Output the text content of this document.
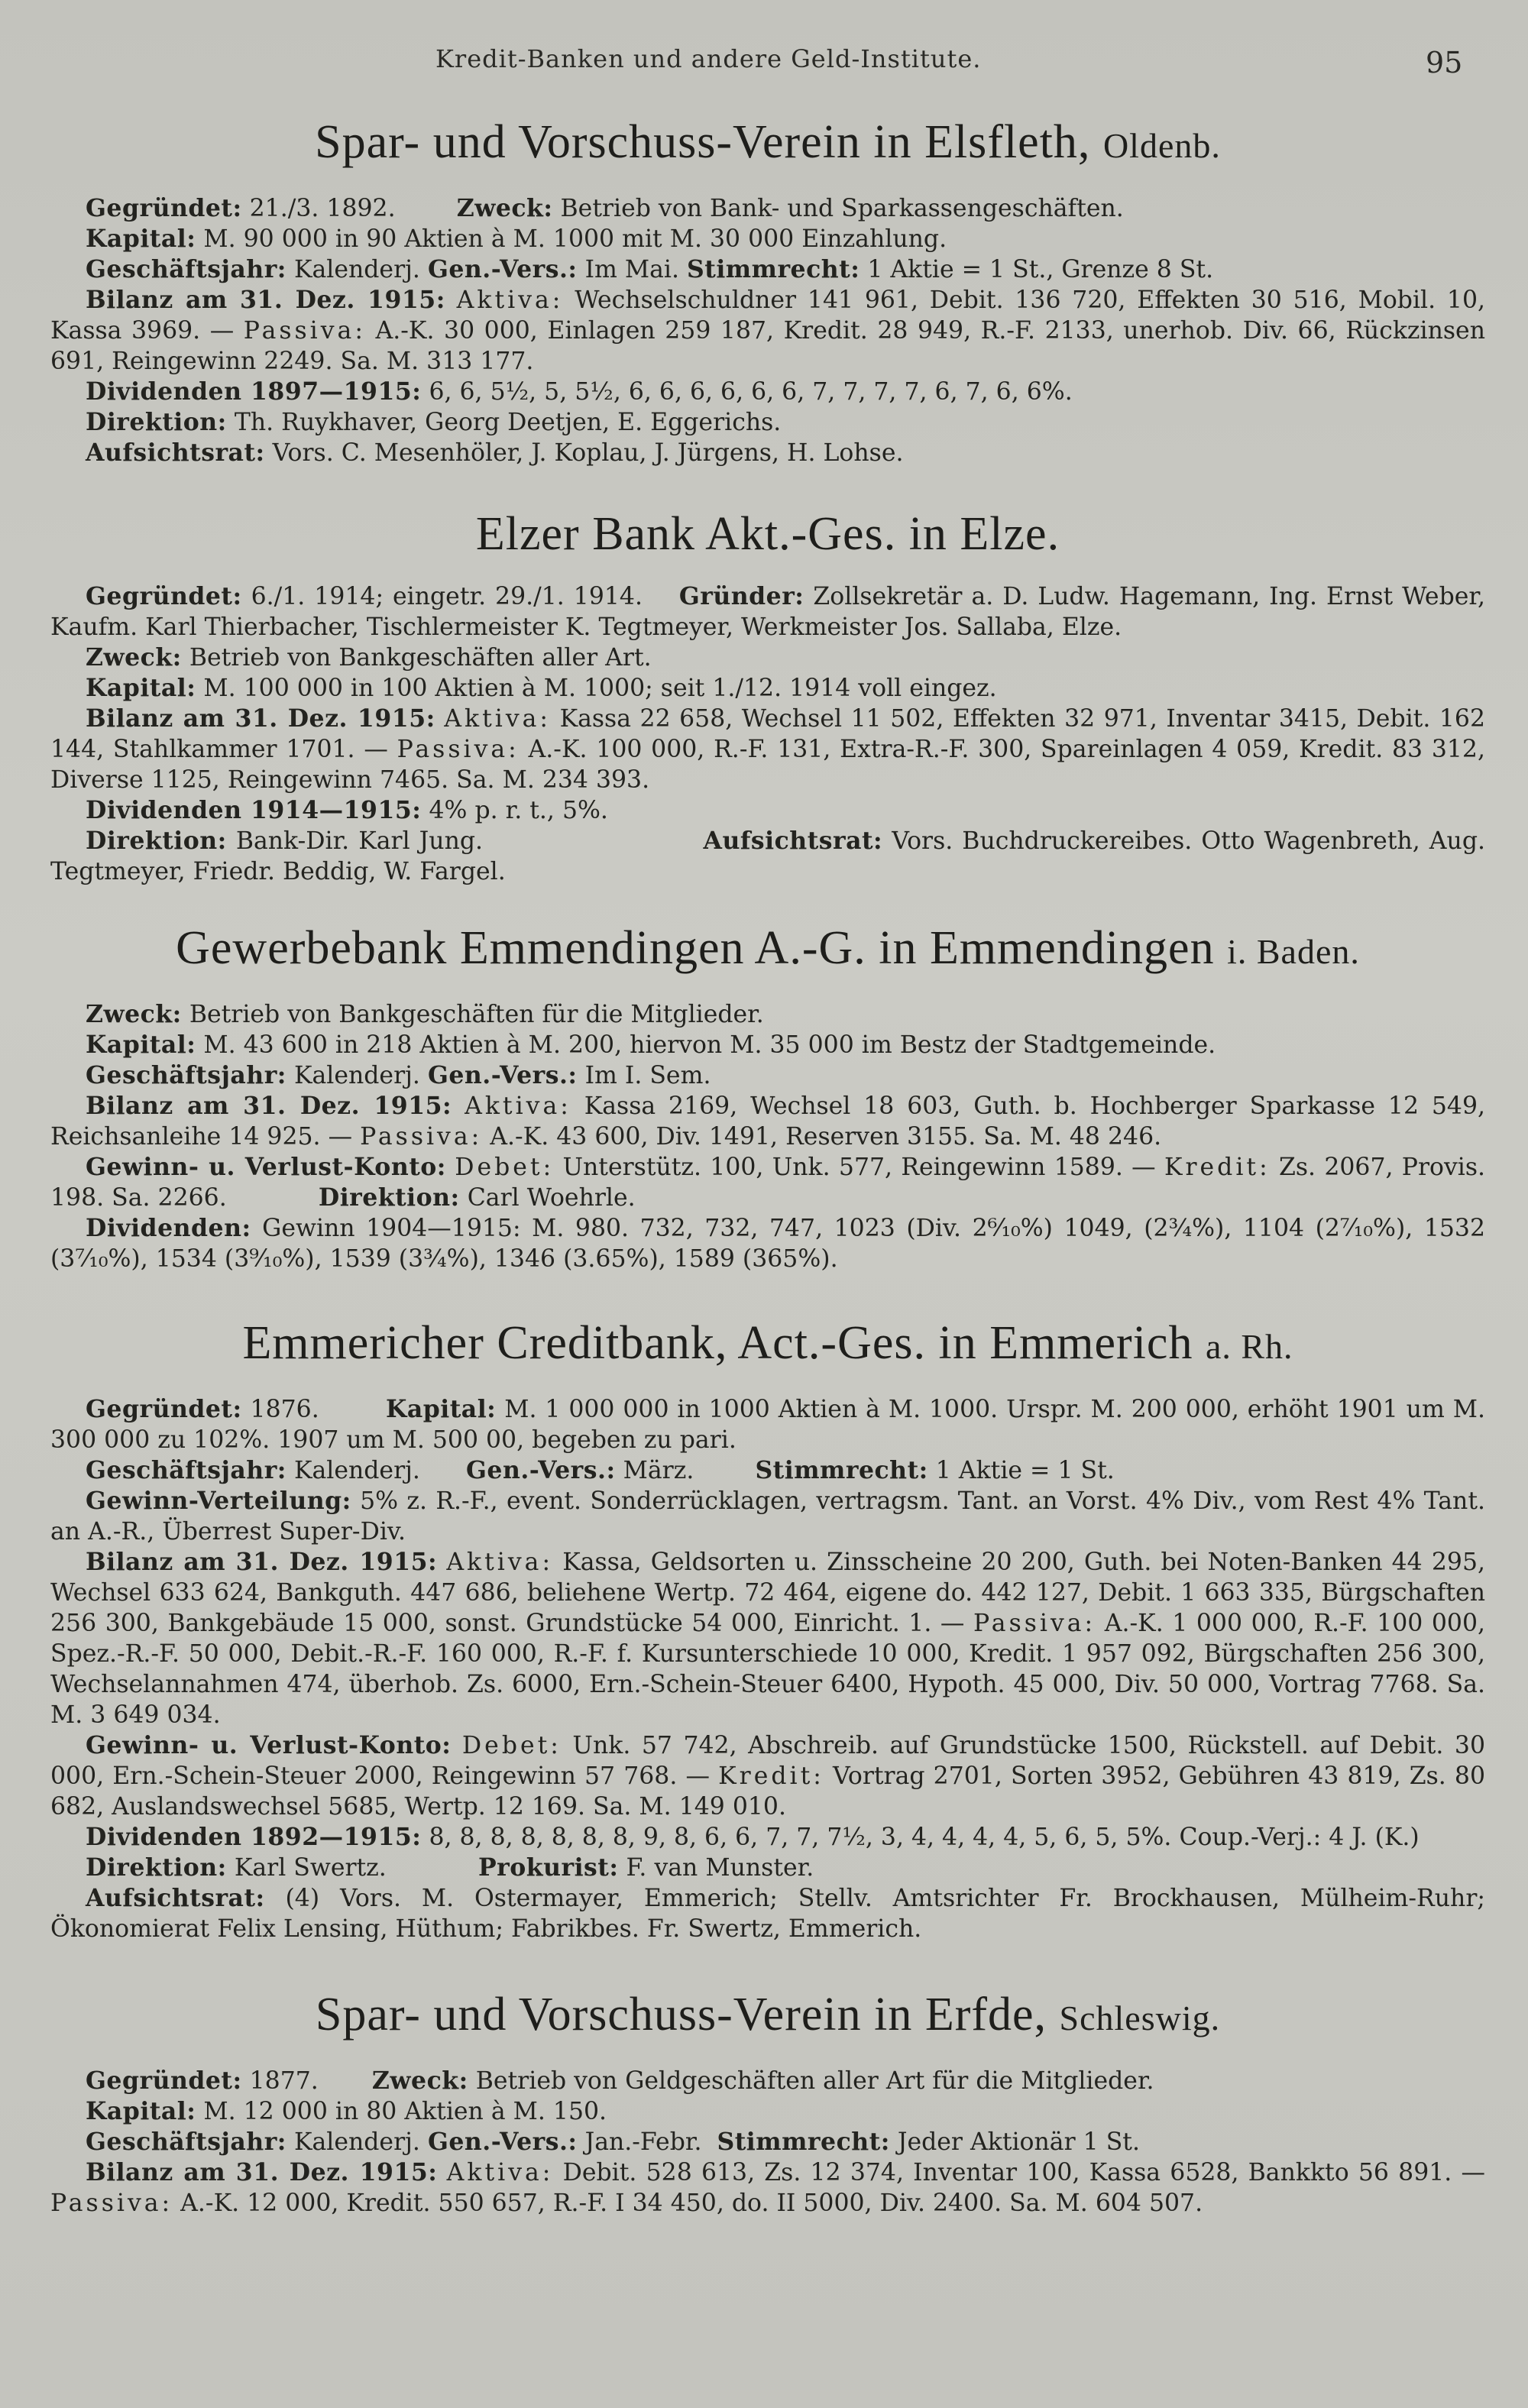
Kredit-Banken und andere Geld-Institute.	95
Spar- und Vorschuss-Verein in Elsfleth, Oldenb.

Gegründet: 21./3. 1892.	Zweck: Betrieb von Bank- und Sparkassengeschäften.

Kapital: M. 90 000 in 90 Aktien à M. 1000 mit M. 30 000 Einzahlung.

Geschäftsjahr: Kalenderj. Gen.-Vers.: Im Mai. Stimmrecht: 1 Aktie = 1 St., Grenze 8 St.

Bilanz am 31. Dez. 1915: Aktiva: Wechselschuldner 141 961, Debit. 136 720, Effekten 30 516, Mobil. 10, Kassa 3969. — Passiva: A.-K. 30 000, Einlagen 259 187, Kredit. 28 949, R.-F. 2133, unerhob. Div. 66, Rückzinsen 691, Reingewinn 2249. Sa. M. 313 177.

Dividenden 1897—1915: 6, 6, 5½, 5, 5½, 6, 6, 6, 6, 6, 6, 7, 7, 7, 7, 6, 7, 6, 6%.

Direktion: Th. Ruykhaver, Georg Deetjen, E. Eggerichs.

Aufsichtsrat: Vors. C. Mesenhöler, J. Koplau, J. Jürgens, H. Lohse.

Elzer Bank Akt.-Ges. in Elze.

Gegründet: 6./1. 1914; eingetr. 29./1. 1914. Gründer: Zollsekretär a. D. Ludw. Hagemann, Ing. Ernst Weber, Kaufm. Karl Thierbacher, Tischlermeister K. Tegtmeyer, Werkmeister Jos. Sallaba, Elze.

Zweck: Betrieb von Bankgeschäften aller Art.

Kapital: M. 100 000 in 100 Aktien à M. 1000; seit 1./12. 1914 voll eingez.

Bilanz am 31. Dez. 1915: Aktiva: Kassa 22 658, Wechsel 11 502, Effekten 32 971, Inventar 3415, Debit. 162 144, Stahlkammer 1701. — Passiva: A.-K. 100 000, R.-F. 131, Extra-R.-F. 300, Spareinlagen 4 059, Kredit. 83 312, Diverse 1125, Reingewinn 7465. Sa. M. 234 393.

Dividenden 1914—1915: 4% p. r. t., 5%.

Direktion: Bank-Dir. Karl Jung.	Aufsichtsrat: Vors. Buchdruckereibes. Otto Wagenbreth, Aug. Tegtmeyer, Friedr. Beddig, W. Fargel.

Gewerbebank Emmendingen A.-G. in Emmendingen i. Baden.

Zweck: Betrieb von Bankgeschäften für die Mitglieder.

Kapital: M. 43 600 in 218 Aktien à M. 200, hiervon M. 35 000 im Bestz der Stadtgemeinde.

Geschäftsjahr: Kalenderj. Gen.-Vers.: Im I. Sem.

Bilanz am 31. Dez. 1915: Aktiva: Kassa 2169, Wechsel 18 603, Guth. b. Hochberger Sparkasse 12 549, Reichsanleihe 14 925. — Passiva: A.-K. 43 600, Div. 1491, Reserven 3155. Sa. M. 48 246.

Gewinn- u. Verlust-Konto: Debet: Unterstütz. 100, Unk. 577, Reingewinn 1589. — Kredit: Zs. 2067, Provis. 198. Sa. 2266.	Direktion: Carl Woehrle.

Dividenden: Gewinn 1904—1915: M. 980. 732, 732, 747, 1023 (Div. 2⁶⁄₁₀%) 1049, (2¾%), 1104 (2⁷⁄₁₀%), 1532 (3⁷⁄₁₀%), 1534 (3⁹⁄₁₀%), 1539 (3¾%), 1346 (3.65%), 1589 (365%).

Emmericher Creditbank, Act.-Ges. in Emmerich a. Rh.

Gegründet: 1876.	Kapital: M. 1 000 000 in 1000 Aktien à M. 1000. Urspr. M. 200 000, erhöht 1901 um M. 300 000 zu 102%. 1907 um M. 500 00, begeben zu pari.

Geschäftsjahr: Kalenderj. Gen.-Vers.: März.	Stimmrecht: 1 Aktie = 1 St.

Gewinn-Verteilung: 5% z. R.-F., event. Sonderrücklagen, vertragsm. Tant. an Vorst. 4% Div., vom Rest 4% Tant. an A.-R., Überrest Super-Div.

Bilanz am 31. Dez. 1915: Aktiva: Kassa, Geldsorten u. Zinsscheine 20 200, Guth. bei Noten-Banken 44 295, Wechsel 633 624, Bankguth. 447 686, beliehene Wertp. 72 464, eigene do. 442 127, Debit. 1 663 335, Bürgschaften 256 300, Bankgebäude 15 000, sonst. Grundstücke 54 000, Einricht. 1. — Passiva: A.-K. 1 000 000, R.-F. 100 000, Spez.-R.-F. 50 000, Debit.-R.-F. 160 000, R.-F. f. Kursunterschiede 10 000, Kredit. 1 957 092, Bürgschaften 256 300, Wechselannahmen 474, überhob. Zs. 6000, Ern.-Schein-Steuer 6400, Hypoth. 45 000, Div. 50 000, Vortrag 7768. Sa. M. 3 649 034.

Gewinn- u. Verlust-Konto: Debet: Unk. 57 742, Abschreib. auf Grundstücke 1500, Rückstell. auf Debit. 30 000, Ern.-Schein-Steuer 2000, Reingewinn 57 768. — Kredit: Vortrag 2701, Sorten 3952, Gebühren 43 819, Zs. 80 682, Auslandswechsel 5685, Wertp. 12 169. Sa. M. 149 010.

Dividenden 1892—1915: 8, 8, 8, 8, 8, 8, 8, 9, 8, 6, 6, 7, 7, 7½, 3, 4, 4, 4, 4, 5, 6, 5, 5%. Coup.-Verj.: 4 J. (K.)

Direktion: Karl Swertz.	Prokurist: F. van Munster.

Aufsichtsrat: (4) Vors. M. Ostermayer, Emmerich; Stellv. Amtsrichter Fr. Brockhausen, Mülheim-Ruhr; Ökonomierat Felix Lensing, Hüthum; Fabrikbes. Fr. Swertz, Emmerich.

Spar- und Vorschuss-Verein in Erfde, Schleswig.

Gegründet: 1877. Zweck: Betrieb von Geldgeschäften aller Art für die Mitglieder.

Kapital: M. 12 000 in 80 Aktien à M. 150.

Geschäftsjahr: Kalenderj. Gen.-Vers.: Jan.-Febr. Stimmrecht: Jeder Aktionär 1 St.

Bilanz am 31. Dez. 1915: Aktiva: Debit. 528 613, Zs. 12 374, Inventar 100, Kassa 6528, Bankkto 56 891. — Passiva: A.-K. 12 000, Kredit. 550 657, R.-F. I 34 450, do. II 5000, Div. 2400. Sa. M. 604 507.
